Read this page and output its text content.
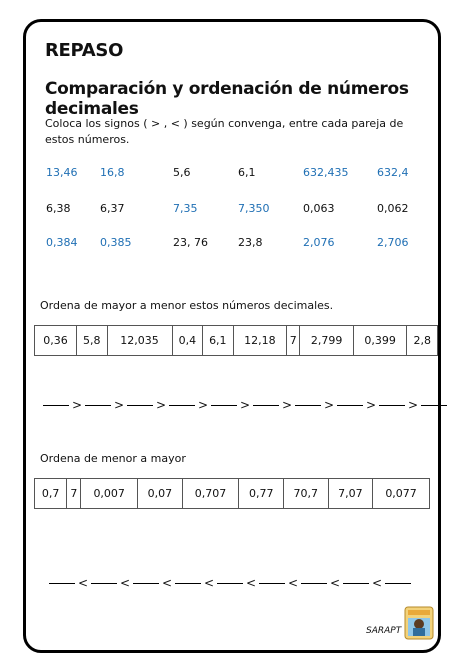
REPASO
Comparación y ordenación de números decimales
Coloca los signos ( > , < ) según convenga, entre cada pareja de estos números.
13,46 16,8	5,6	6,1	632,435	632,4
6,38	6,37	7,35	7,350	0,063	0,062
0,384 0,385	23, 76	23,8	2,076	2,706
Ordena de mayor a menor estos números decimales.
0,36	5,8	12,035	0,4	6,1	12,18	7	2,799	0,399	2,8
>	>	>	>	>	>	>	>	>
Ordena de menor a mayor
0,7	7	0,007	0,07	0,707	0,77	70,7	7,07	0,077
<	<	<	<	<	<	<	<
SARAPT
